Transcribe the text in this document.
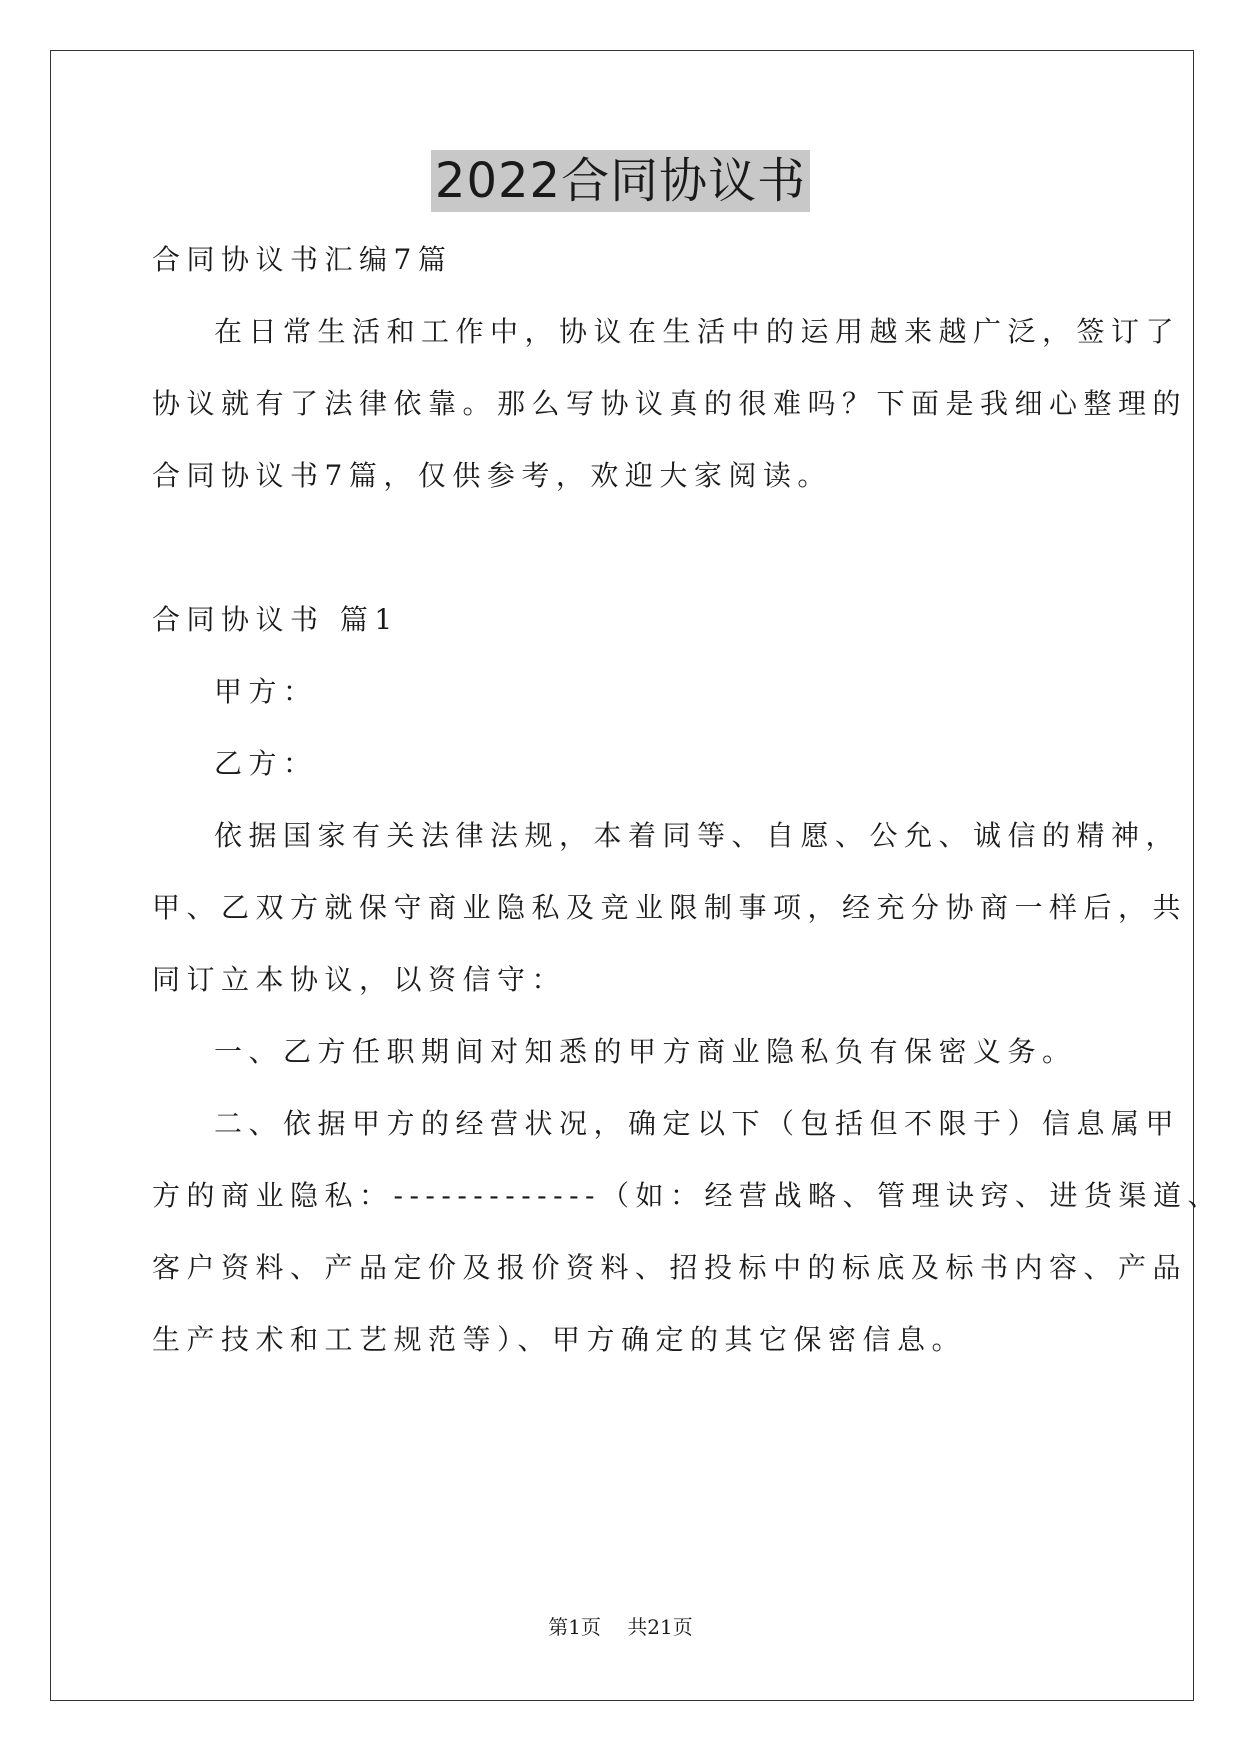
2022合同协议书
合同协议书汇编7篇
在日常生活和工作中，协议在生活中的运用越来越广泛，签订了
协议就有了法律依靠。那么写协议真的很难吗？下面是我细心整理的
合同协议书7篇，仅供参考，欢迎大家阅读。
合同协议书 篇1
甲方：
乙方：
依据国家有关法律法规，本着同等、自愿、公允、诚信的精神，
甲、乙双方就保守商业隐私及竞业限制事项，经充分协商一样后，共
同订立本协议，以资信守：
一、乙方任职期间对知悉的甲方商业隐私负有保密义务。
二、依据甲方的经营状况，确定以下（包括但不限于）信息属甲
方的商业隐私：-------------（如：经营战略、管理诀窍、进货渠道、
客户资料、产品定价及报价资料、招投标中的标底及标书内容、产品
生产技术和工艺规范等）、甲方确定的其它保密信息。
第1页 共21页
